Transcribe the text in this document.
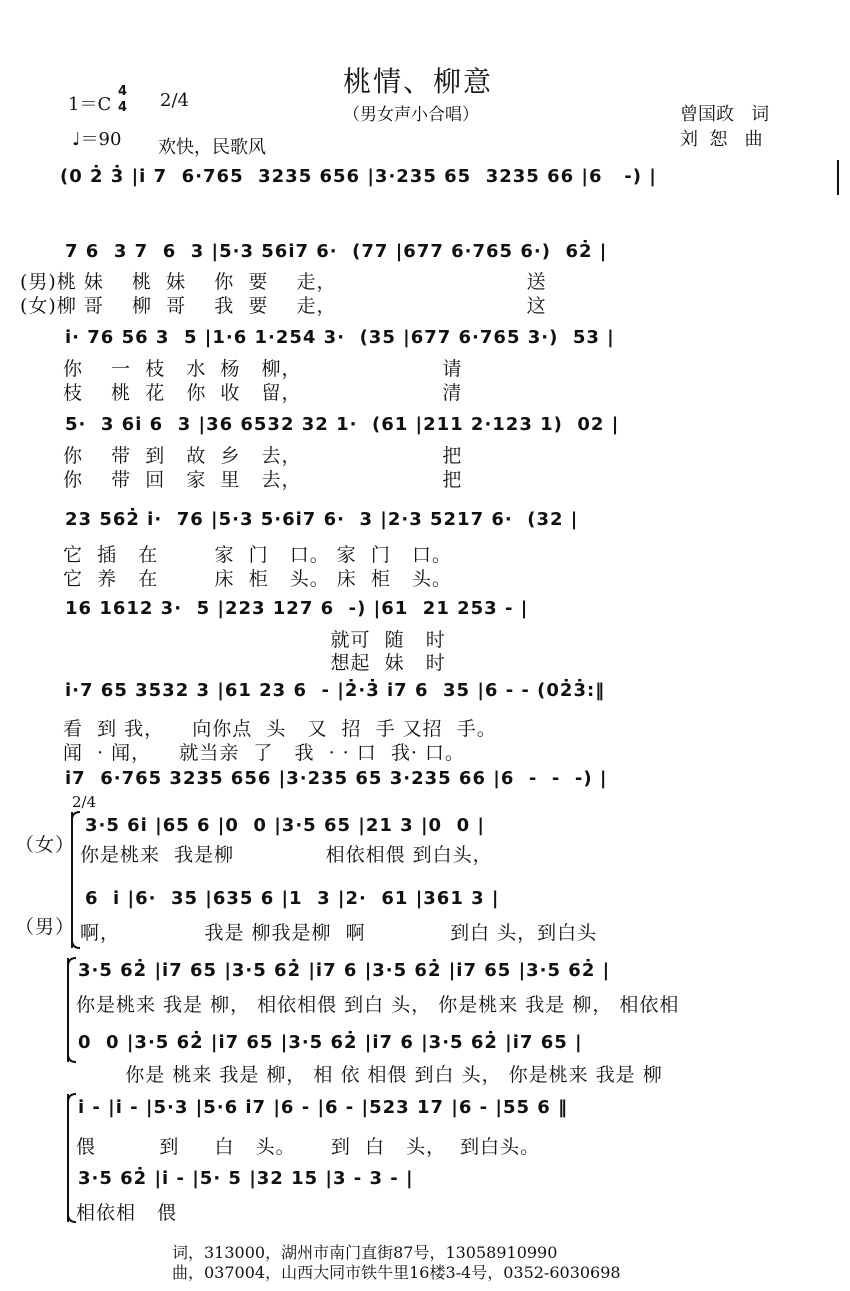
桃情、柳意
（男女声小合唱）
1＝C
4
4 2/4
♩＝90 欢快，民歌风
曾国政   词
刘  恕   曲
(0 2̇ 3̇ |i̇ 7  6·765  3235 656 |3·235 65  3235 66 |6   -) |
7 6  3 7  6  3 |5·3 56i̇7 6·  (77 |677 6·765 6·)  62̇ |
(男)桃 妹    桃  妹    你  要    走，                           送
(女)柳 哥    柳  哥    我  要    走，                           这
i̇· 76 56 3  5 |1·6 1·254 3·  (35 |677 6·765 3·)  53 |
你    一  枝   水  杨   柳，                    请
枝    桃  花   你  收   留，                    清
5·  3 6i̇ 6  3 |36 6532 32 1·  (61 |211 2·123 1)  02 |
你    带  到   故  乡   去，                    把
你    带  回   家  里   去，                    把
23 562̇ i̇·  76 |5·3 5·6i̇7 6·  3 |2·3 5217 6·  (32 |
它  插   在        家  门   口。 家  门   口。
它  养   在        床  柜   头。 床  柜   头。
16 1612 3·  5 |223 127 6  -) |61  21 253 - |
就可  随   时
想起  妹   时
i̇·7 65 3532 3 |61 23 6  - |2̇·3̇ i̇7 6  35 |6 - - (02̇3̇:‖
看  到 我，    向你点  头   又  招  手 又招  手。
闻  · 闻，    就当亲  了   我  · · 口  我· 口。
i̇7  6·765 3235 656 |3·235 65 3·235 66 |6  -  -  -) |
2/4
（女）
3·5 6i̇ |65 6 |0  0 |3·5 65 |21 3 |0  0 |
你是桃来  我是柳             相依相偎 到白头，
（男）
6  i̇ |6·  35 |635 6 |1  3 |2·  61 |361 3 |
啊，            我是 柳我是柳  啊            到白 头，到白头
3·5 62̇ |i̇7 65 |3·5 62̇ |i̇7 6 |3·5 62̇ |i̇7 65 |3·5 62̇ |
你是桃来 我是 柳， 相依相偎 到白 头， 你是桃来 我是 柳， 相依相
0  0 |3·5 62̇ |i̇7 65 |3·5 62̇ |i̇7 6 |3·5 62̇ |i̇7 65 |
你是 桃来 我是 柳， 相 依 相偎 到白 头， 你是桃来 我是 柳
i̇ - |i̇ - |5·3 |5·6 i̇7 |6 - |6 - |523 17 |6 - |55 6 ‖
偎         到     白   头。     到  白   头，  到白头。
3·5 62̇ |i̇ - |5· 5 |32 15 |3 - 3 - |
相依相   偎
词，313000，湖州市南门直街87号，13058910990
曲，037004，山西大同市铁牛里16楼3-4号，0352-6030698
